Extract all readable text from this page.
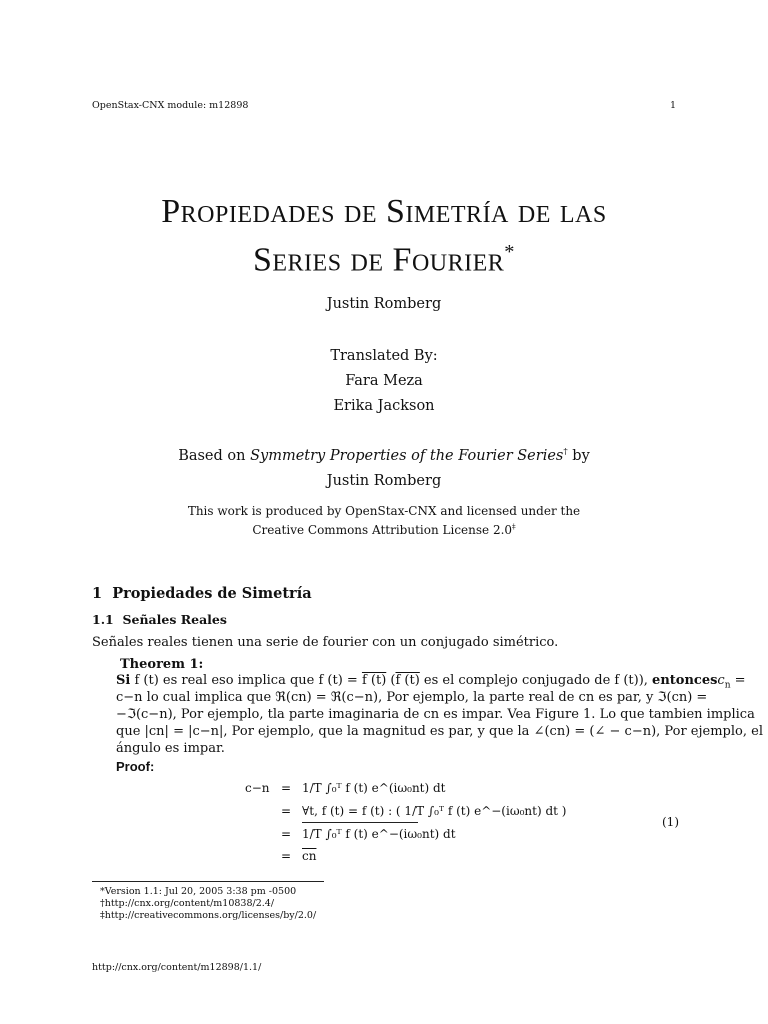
OpenStax-CNX module: m12898	1
Propiedades de Simetría de las
Series de Fourier*
Justin Romberg
Translated By:
Fara Meza
Erika Jackson
Based on Symmetry Properties of the Fourier Series† by
Justin Romberg
This work is produced by OpenStax-CNX and licensed under the
Creative Commons Attribution License 2.0‡
1 Propiedades de Simetría
1.1 Señales Reales
Señales reales tienen una serie de fourier con un conjugado simétrico.
Theorem 1:
Si f (t) es real eso implica que f (t) = f (t) (f (t) es el complejo conjugado de f (t)), entoncesc$_n$ =
c−n lo cual implica que ℜ(cn) = ℜ(c−n), Por ejemplo, la parte real de cn es par, y ℑ(cn) =
−ℑ(c−n), Por ejemplo, tla parte imaginaria de cn es impar. Vea Figure 1. Lo que tambien implica
que |cn| = |c−n|, Por ejemplo, que la magnitud es par, y que la ∠(cn) = (∠ − c−n), Por ejemplo, el
ángulo es impar.
Proof:
c−n = 1/T ∫₀ᵀ f (t) e^(iω₀nt) dt
= ∀t, f (t) = f (t) : ( 1/T ∫₀ᵀ f (t) e^−(iω₀nt) dt )
= 1/T ∫₀ᵀ f (t) e^−(iω₀nt) dt
= $\overline{cn}$
(1)
*Version 1.1: Jul 20, 2005 3:38 pm -0500
†http://cnx.org/content/m10838/2.4/
‡http://creativecommons.org/licenses/by/2.0/
http://cnx.org/content/m12898/1.1/
